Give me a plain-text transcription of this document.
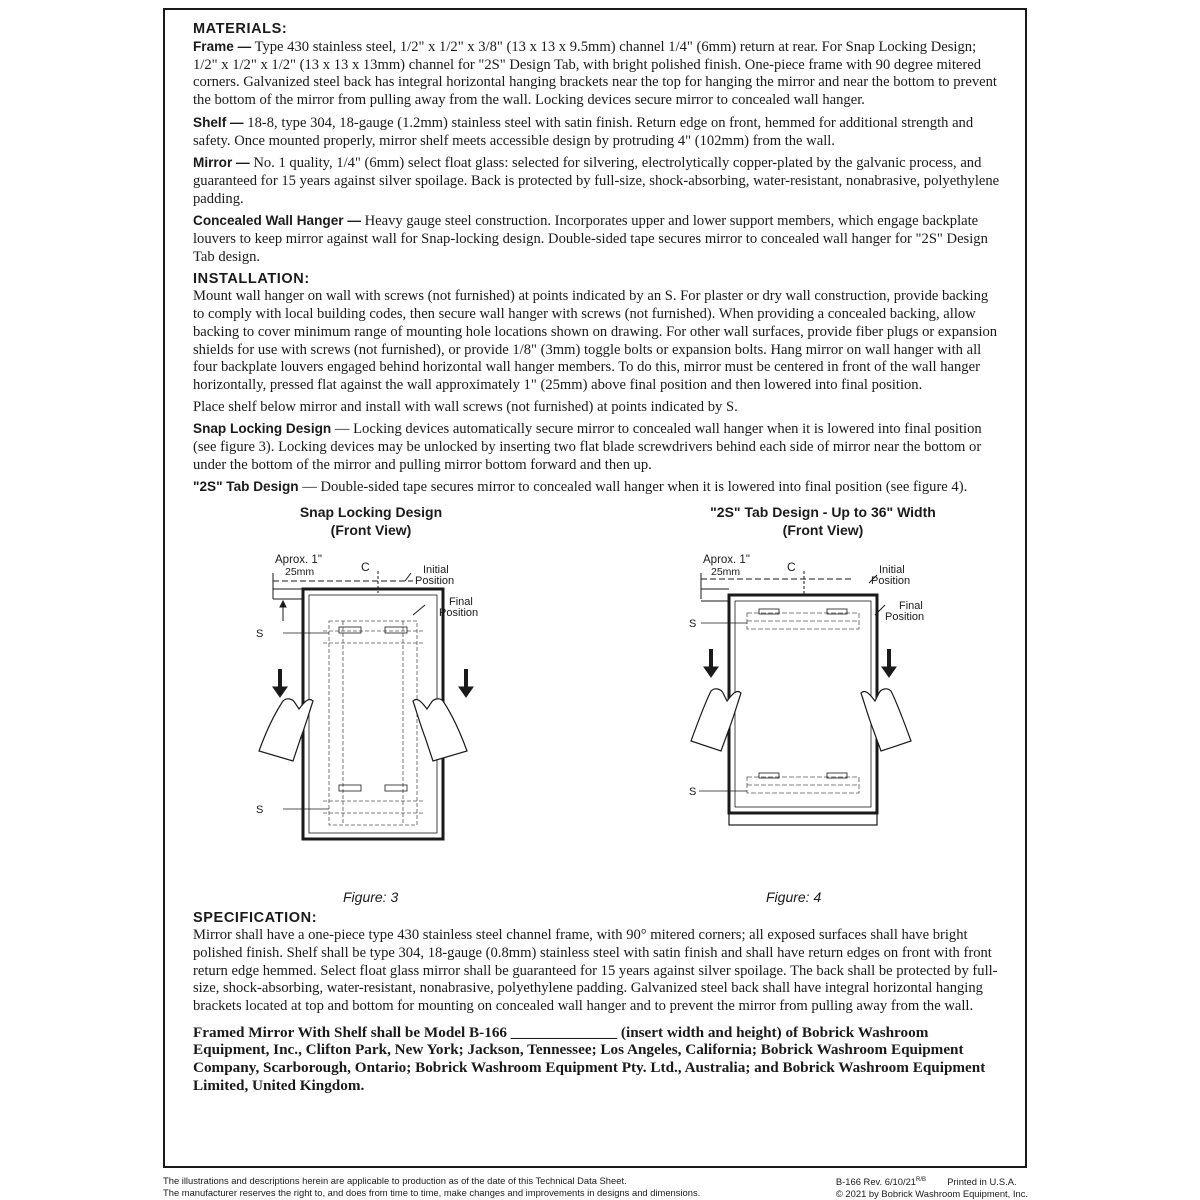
MATERIALS:

Frame — Type 430 stainless steel, 1/2" x 1/2" x 3/8" (13 x 13 x 9.5mm) channel 1/4" (6mm) return at rear. For Snap Locking Design; 1/2" x 1/2" x 1/2" (13 x 13 x 13mm) channel for "2S" Design Tab, with bright polished finish. One-piece frame with 90 degree mitered corners. Galvanized steel back has integral horizontal hanging brackets near the top for hanging the mirror and near the bottom to prevent the bottom of the mirror from pulling away from the wall. Locking devices secure mirror to concealed wall hanger.

Shelf — 18-8, type 304, 18-gauge (1.2mm) stainless steel with satin finish. Return edge on front, hemmed for additional strength and safety. Once mounted properly, mirror shelf meets accessible design by protruding 4" (102mm) from the wall.

Mirror — No. 1 quality, 1/4" (6mm) select float glass: selected for silvering, electrolytically copper-plated by the galvanic process, and guaranteed for 15 years against silver spoilage. Back is protected by full-size, shock-absorbing, water-resistant, nonabrasive, polyethylene padding.

Concealed Wall Hanger — Heavy gauge steel construction. Incorporates upper and lower support members, which engage backplate louvers to keep mirror against wall for Snap-locking design. Double-sided tape secures mirror to concealed wall hanger for "2S" Design Tab design.

INSTALLATION:

Mount wall hanger on wall with screws (not furnished) at points indicated by an S. For plaster or dry wall construction, provide backing to comply with local building codes, then secure wall hanger with screws (not furnished). When providing a concealed backing, allow backing to cover minimum range of mounting hole locations shown on drawing. For other wall surfaces, provide fiber plugs or expansion shields for use with screws (not furnished), or provide 1/8" (3mm) toggle bolts or expansion bolts. Hang mirror on wall hanger with all four backplate louvers engaged behind horizontal wall hanger members. To do this, mirror must be centered in front of the wall hanger horizontally, pressed flat against the wall approximately 1" (25mm) above final position and then lowered into final position.

Place shelf below mirror and install with wall screws (not furnished) at points indicated by S.

Snap Locking Design — Locking devices automatically secure mirror to concealed wall hanger when it is lowered into final position (see figure 3). Locking devices may be unlocked by inserting two flat blade screwdrivers behind each side of mirror near the bottom or under the bottom of the mirror and pulling mirror bottom forward and then up.

"2S" Tab Design — Double-sided tape secures mirror to concealed wall hanger when it is lowered into final position (see figure 4).

Snap Locking Design
(Front View)
Aprox. 1"
25mm	C	Initial
Position
Final
Position
S
S
Figure: 3
"2S" Tab Design - Up to 36" Width
(Front View)
Aprox. 1"
25mm	C	Initial
Position
Final
Position
S
S
Figure: 4
SPECIFICATION:

Mirror shall have a one-piece type 430 stainless steel channel frame, with 90° mitered corners; all exposed surfaces shall have bright polished finish. Shelf shall be type 304, 18-gauge (0.8mm) stainless steel with satin finish and shall have return edges on front with front return edge hemmed. Select float glass mirror shall be guaranteed for 15 years against silver spoilage. The back shall be protected by full-size, shock-absorbing, water-resistant, nonabrasive, polyethylene padding. Galvanized steel back shall have integral horizontal hanging brackets located at top and bottom for mounting on concealed wall hanger and to prevent the mirror from pulling away from the wall.

Framed Mirror With Shelf shall be Model B-166 ______________ (insert width and height) of Bobrick Washroom Equipment, Inc., Clifton Park, New York; Jackson, Tennessee; Los Angeles, California; Bobrick Washroom Equipment Company, Scarborough, Ontario; Bobrick Washroom Equipment Pty. Ltd., Australia; and Bobrick Washroom Equipment Limited, United Kingdom.

The illustrations and descriptions herein are applicable to production as of the date of this Technical Data Sheet.
The manufacturer reserves the right to, and does from time to time, make changes and improvements in designs and dimensions.
B-166 Rev. $6/10/21^{R/B}$ Printed in U.S.A.
© 2021 by Bobrick Washroom Equipment, Inc.
